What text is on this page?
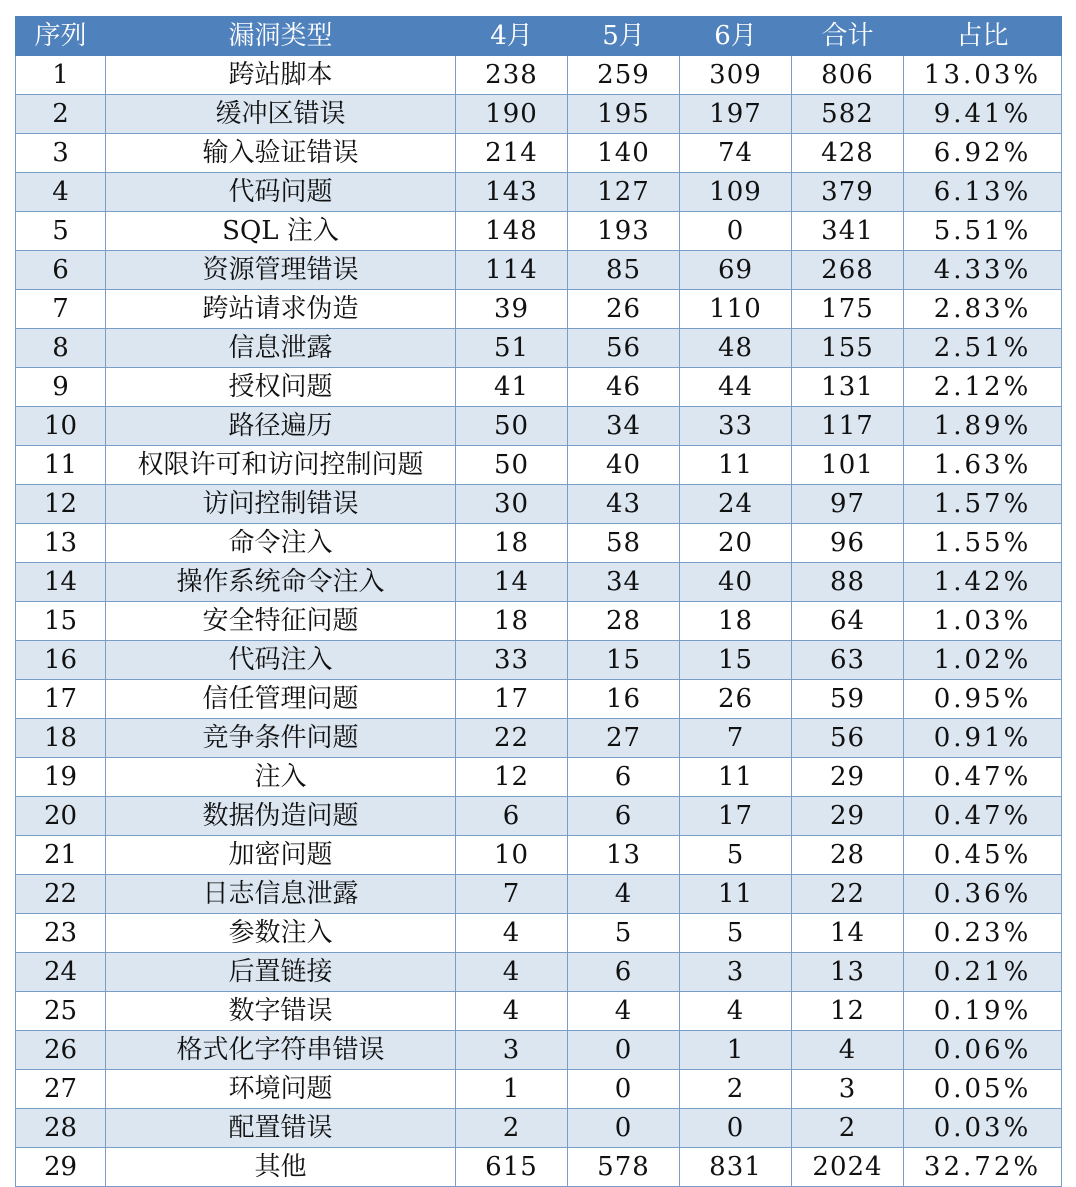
序列	漏洞类型	4月	5月	6月	合计	占比
1	跨站脚本	238	259	309	806	13.03%
2	缓冲区错误	190	195	197	582	9.41%
3	输入验证错误	214	140	74	428	6.92%
4	代码问题	143	127	109	379	6.13%
5	SQL 注入	148	193	0	341	5.51%
6	资源管理错误	114	85	69	268	4.33%
7	跨站请求伪造	39	26	110	175	2.83%
8	信息泄露	51	56	48	155	2.51%
9	授权问题	41	46	44	131	2.12%
10	路径遍历	50	34	33	117	1.89%
11	权限许可和访问控制问题	50	40	11	101	1.63%
12	访问控制错误	30	43	24	97	1.57%
13	命令注入	18	58	20	96	1.55%
14	操作系统命令注入	14	34	40	88	1.42%
15	安全特征问题	18	28	18	64	1.03%
16	代码注入	33	15	15	63	1.02%
17	信任管理问题	17	16	26	59	0.95%
18	竞争条件问题	22	27	7	56	0.91%
19	注入	12	6	11	29	0.47%
20	数据伪造问题	6	6	17	29	0.47%
21	加密问题	10	13	5	28	0.45%
22	日志信息泄露	7	4	11	22	0.36%
23	参数注入	4	5	5	14	0.23%
24	后置链接	4	6	3	13	0.21%
25	数字错误	4	4	4	12	0.19%
26	格式化字符串错误	3	0	1	4	0.06%
27	环境问题	1	0	2	3	0.05%
28	配置错误	2	0	0	2	0.03%
29	其他	615	578	831	2024	32.72%
